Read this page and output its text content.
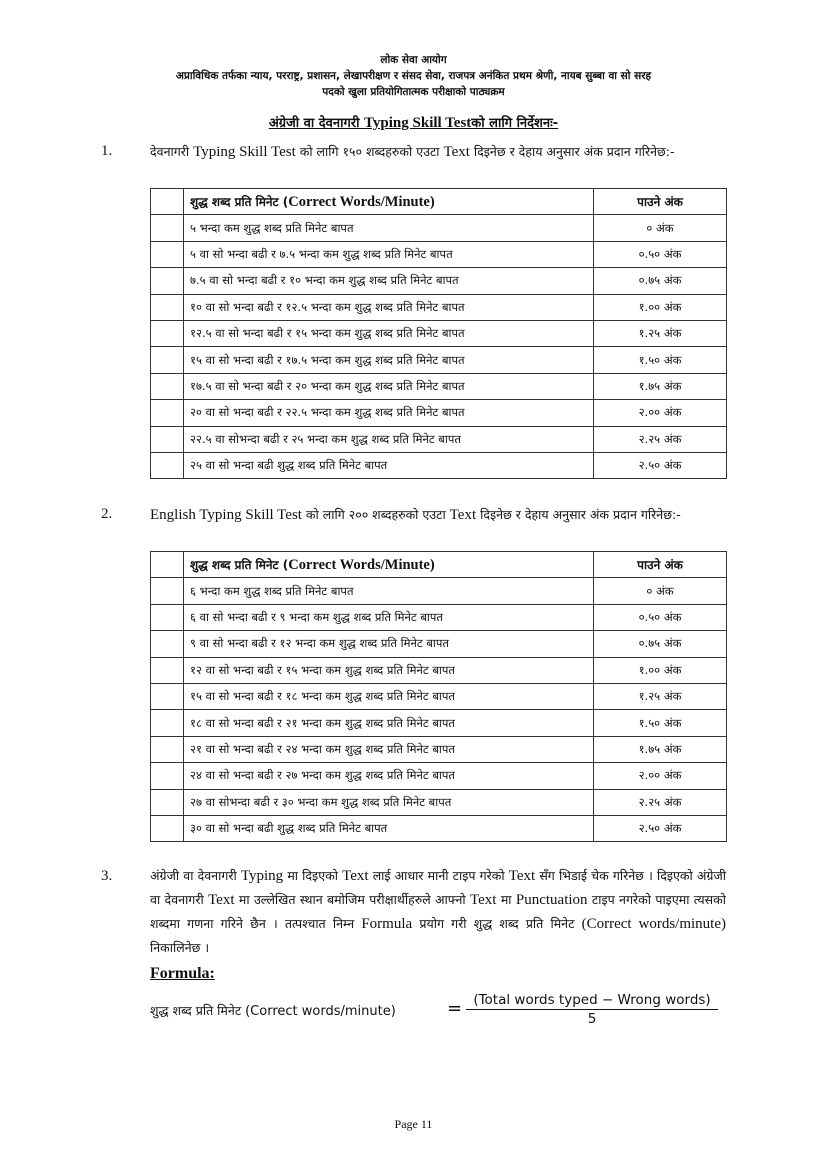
लोक सेवा आयोग
अप्राविधिक तर्फका न्याय, परराष्ट्र, प्रशासन, लेखापरीक्षण र संसद सेवा, राजपत्र अनंकित प्रथम श्रेणी, नायब सुब्बा वा सो सरह
पदको खुला प्रतियोगितात्मक परीक्षाको पाठ्यक्रम
अंग्रेजी वा देवनागरी Typing Skill Testको लागि निर्देशनः-
1.	देवनागरी Typing Skill Test को लागि १५० शब्दहरुको एउटा Text दिइनेछ र देहाय अनुसार अंक प्रदान गरिनेछ:-
	शुद्ध शब्द प्रति मिनेट (Correct Words/Minute)	पाउने अंक
	५ भन्दा कम शुद्ध शब्द प्रति मिनेट बापत	० अंक
	५ वा सो भन्दा बढी र ७.५ भन्दा कम शुद्ध शब्द प्रति मिनेट बापत	०.५० अंक
	७.५ वा सो भन्दा बढी र १० भन्दा कम शुद्ध शब्द प्रति मिनेट बापत	०.७५ अंक
	१० वा सो भन्दा बढी र १२.५ भन्दा कम शुद्ध शब्द प्रति मिनेट बापत	१.०० अंक
	१२.५ वा सो भन्दा बढी र १५ भन्दा कम शुद्ध शब्द प्रति मिनेट बापत	१.२५ अंक
	१५ वा सो भन्दा बढी र १७.५ भन्दा कम शुद्ध शब्द प्रति मिनेट बापत	१.५० अंक
	१७.५ वा सो भन्दा बढी र २० भन्दा कम शुद्ध शब्द प्रति मिनेट बापत	१.७५ अंक
	२० वा सो भन्दा बढी र २२.५ भन्दा कम शुद्ध शब्द प्रति मिनेट बापत	२.०० अंक
	२२.५ वा सोभन्दा बढी र २५ भन्दा कम शुद्ध शब्द प्रति मिनेट बापत	२.२५ अंक
	२५ वा सो भन्दा बढी शुद्ध शब्द प्रति मिनेट बापत	२.५० अंक
2.	English Typing Skill Test को लागि २०० शब्दहरुको एउटा Text दिइनेछ र देहाय अनुसार अंक प्रदान गरिनेछ:-
	शुद्ध शब्द प्रति मिनेट (Correct Words/Minute)	पाउने अंक
	६ भन्दा कम शुद्ध शब्द प्रति मिनेट बापत	० अंक
	६ वा सो भन्दा बढी र ९ भन्दा कम शुद्ध शब्द प्रति मिनेट बापत	०.५० अंक
	९ वा सो भन्दा बढी र १२ भन्दा कम शुद्ध शब्द प्रति मिनेट बापत	०.७५ अंक
	१२ वा सो भन्दा बढी र १५ भन्दा कम शुद्ध शब्द प्रति मिनेट बापत	१.०० अंक
	१५ वा सो भन्दा बढी र १८ भन्दा कम शुद्ध शब्द प्रति मिनेट बापत	१.२५ अंक
	१८ वा सो भन्दा बढी र २१ भन्दा कम शुद्ध शब्द प्रति मिनेट बापत	१.५० अंक
	२१ वा सो भन्दा बढी र २४ भन्दा कम शुद्ध शब्द प्रति मिनेट बापत	१.७५ अंक
	२४ वा सो भन्दा बढी र २७ भन्दा कम शुद्ध शब्द प्रति मिनेट बापत	२.०० अंक
	२७ वा सोभन्दा बढी र ३० भन्दा कम शुद्ध शब्द प्रति मिनेट बापत	२.२५ अंक
	३० वा सो भन्दा बढी शुद्ध शब्द प्रति मिनेट बापत	२.५० अंक
3.	अंग्रेजी वा देवनागरी Typing मा दिइएको Text लाई आधार मानी टाइप गरेको Text सँग भिडाई चेक गरिनेछ । दिइएको अंग्रेजी वा देवनागरी Text मा उल्लेखित स्थान बमोजिम परीक्षार्थीहरुले आफ्नो Text मा Punctuation टाइप नगरेको पाइएमा त्यसको शब्दमा गणना गरिने छैन । तत्पश्चात निम्न Formula प्रयोग गरी शुद्ध शब्द प्रति मिनेट (Correct words/minute) निकालिनेछ ।
Formula:
शुद्ध शब्द प्रति मिनेट (Correct words/minute)	= (Total words typed − Wrong words)
5
Page 11
